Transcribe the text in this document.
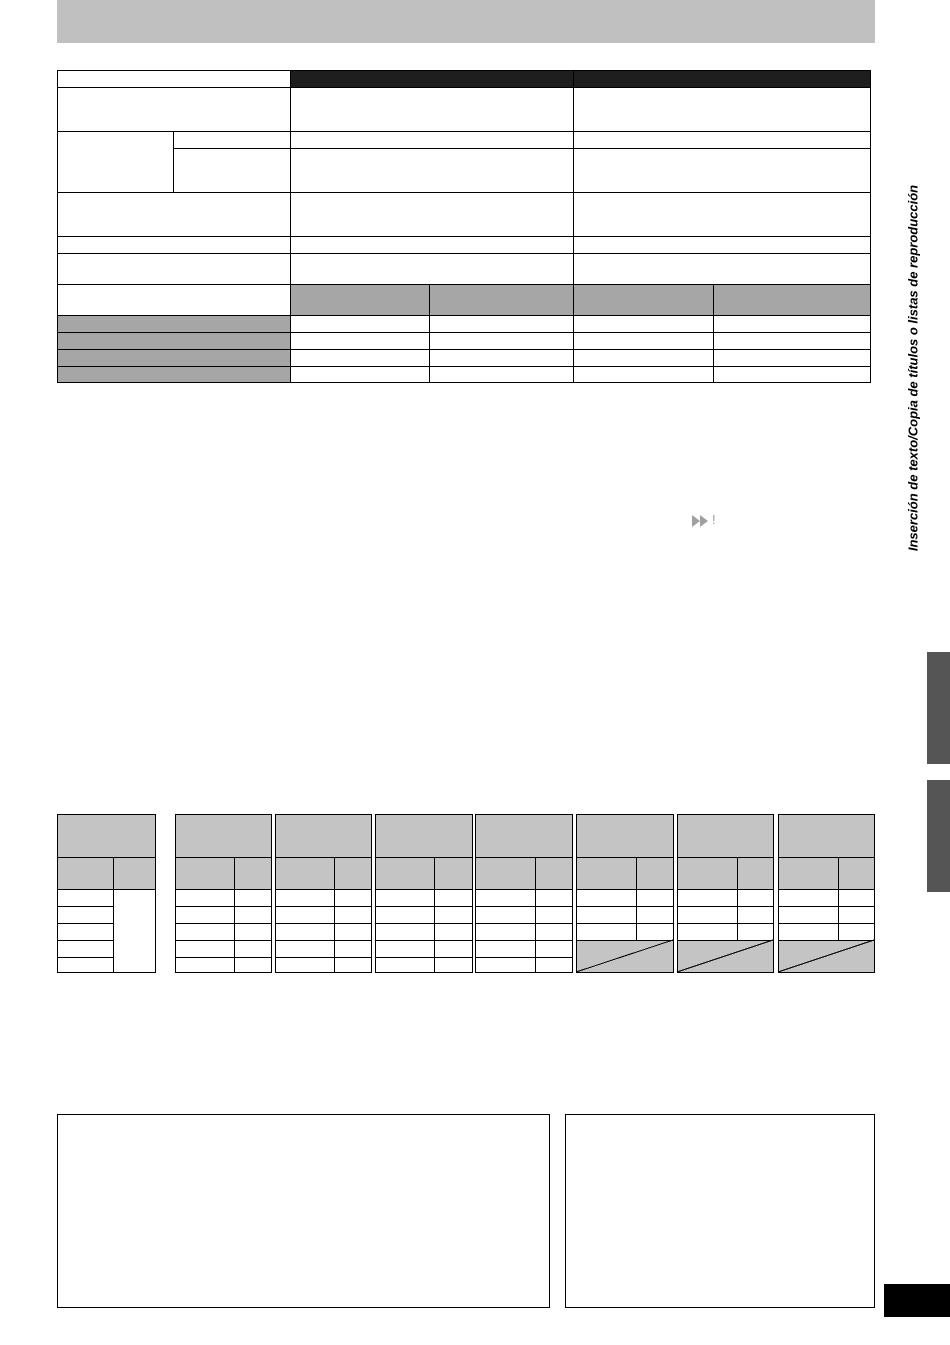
!	Inserción de texto/Copia de títulos o listas de reproducción
